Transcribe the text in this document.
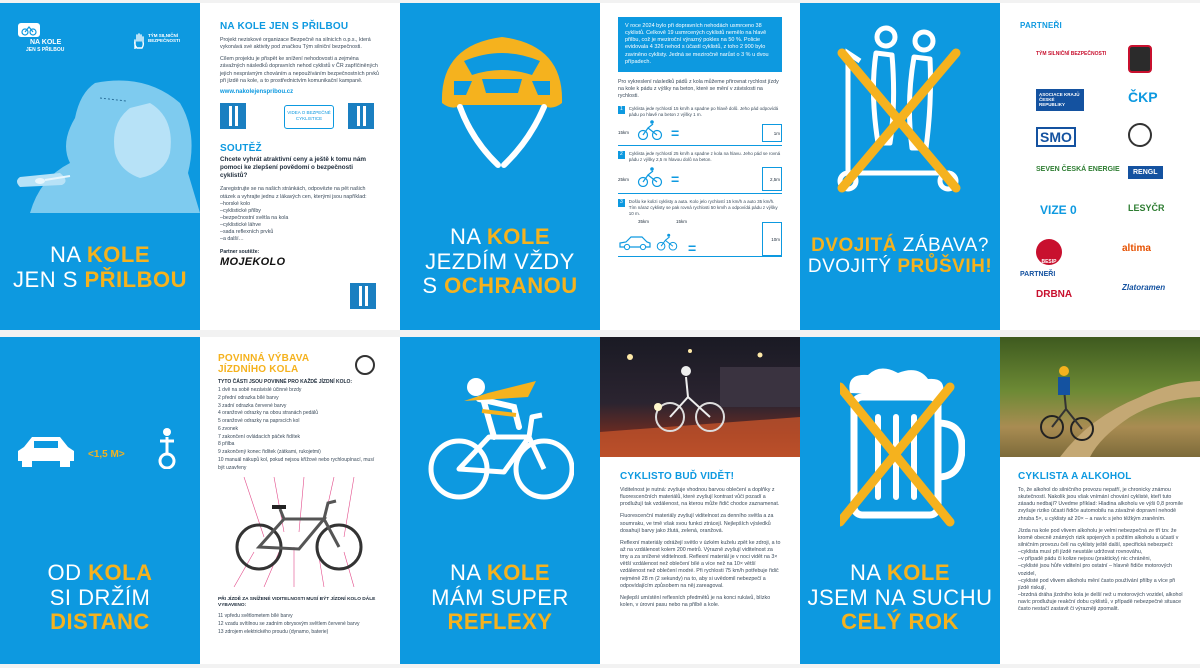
NA KOLE
JEN S PŘILBOU
TÝM SILNIČNÍ BEZPEČNOSTI
NA KOLE
JEN S PŘILBOU
NA KOLE JEN S PŘILBOU
Projekt neziskové organizace Bezpečně na silnicích o.p.s., která vykonává své aktivity pod značkou Tým silniční bezpečnosti.
Cílem projektu je přispět ke snížení nehodovosti a zejména závažných následků dopravních nehod cyklistů v ČR zapříčiněných jejich nesprávným chováním a nepoužíváním bezpečnostních prvků při jízdě na kole, a to prostřednictvím komunikační kampaně.
www.nakolejenspribou.cz
VIDEA O BEZPEČNÉ CYKLISTICE
SOUTĚŽ
Chcete vyhrát atraktivní ceny a ještě k tomu nám pomoci ke zlepšení povědomí o bezpečnosti cyklistů?
Zaregistrujte se na našich stránkách, odpovězte na pět našich otázek a vyhrajte jednu z lákavých cen, kterými jsou například:
–horské kolo
–cyklistické přilby
–bezpečnostní světla na kola
–cyklistické láhve
–sada reflexních prvků
–a další…
Partner soutěže:
MOJEKOLO
NA KOLE
JEZDÍM VŽDY
S OCHRANOU
V roce 2024 bylo při dopravních nehodách usmrceno 38 cyklistů. Celkově 19 usmrcených cyklistů nemělo na hlavě přilbu, což je meziroční výrazný pokles na 50 %. Policie evidovala 4 326 nehod s účastí cyklistů, z toho 2 900 bylo zaviněno cyklisty. Jedná se meziročně narůst o 3 % u dvou případech.
Pro vykreslení následků pádů z kola můžeme přirovnat rychlost jízdy na kole k pádu z výšky na beton, které se mění v závislosti na rychlosti.
1	Cyklista jede rychlostí 15 km/h a spadne po hlavě dolů. Jeho pád odpovídá pádu po hlavě na beton z výšky 1 m.
15km	=	1m
2	Cyklista jede rychlostí 25 km/h a spadne z kola na hlavu. Jeho pád se rovná pádu z výšky 2,5 m hlavou dolů na beton.
25km	=	2,5m
3	Došlo ke kolizi cyklisty a auta. Kolo jelo rychlostí 15 km/h a auto 35 km/h. Tím náraz cyklisty se pak rovná rychlosti 50 km/h a odpovídá pádu z výšky 10 m.
35km	15km
=
10m	DVOJITÁ ZÁBAVA?
DVOJITÝ PRŮŠVIH!
PARTNEŘI
TÝM SILNIČNÍ BEZPEČNOSTI
ASOCIACE KRAJŮ ČESKÉ REPUBLIKY	ČKP
SMO
SEVEN ČESKÁ ENERGIE	RENGL
VIZE 0	LESYČR
BESIP
altima
PARTNEŘI
DRBNA
Zlatoramen
<1,5 M>
OD KOLA
SI DRŽÍM
DISTANC
POVINNÁ VÝBAVA
JÍZDNÍHO KOLA
TYTO ČÁSTI JSOU POVINNÉ PRO KAŽDÉ JÍZDNÍ KOLO:
1 dvě na sobě nezávislé účinné brzdy
2 přední odrazka bílé barvy
3 zadní odrazka červené barvy
4 oranžové odrazky na obou stranách pedálů
5 oranžové odrazky na paprscích kol
6 zvonek
7 zakončení ovládacích páček řidítek
8 přilba
9 zakončený konec řidítek (zátkami, rukojetmi)
10 manuál nákupů kol, pokud nejsou křížové nebo rychloupínací, musí být uzavřeny
PŘI JÍZDĚ ZA SNÍŽENÉ VIDITELNOSTI MUSÍ BÝT JÍZDNÍ KOLO DÁLE VYBAVENO:
11 vpředu světlometem bílé barvy
12 vzadu svítilnou se zadním obrysovým světlem červené barvy
13 zdrojem elektrického proudu (dynamo, baterie)
NA KOLE
MÁM SUPER
REFLEXY
CYKLISTO BUĎ VIDĚT!
Viditelnost je nutná: zvyšuje vhodnou barvou oblečení a doplňky z fluorescenčních materiálů, které zvyšují kontrast vůči pozadí a prodlužují tak vzdálenost, na kterou může řidič chodce zaznamenat.
Fluorescenční materiály zvyšují viditelnost za denního světla a za soumraku, ve tmě však svou funkci ztrácejí. Nejlepších výsledků dosahují barvy jako žlutá, zelená, oranžová.
Reflexní materiály odrážejí světlo v úzkém kuželu zpět ke zdroji, a to až na vzdálenost kolem 200 metrů. Výrazně zvyšují viditelnost za tmy a za snížené viditelnosti. Reflexní materiál je v noci vidět na 3× větší vzdálenost než oblečení bílé a více než na 10× větší vzdálenost než oblečení modré. Při rychlosti 75 km/h potřebuje řidič nejméně 28 m (2 sekundy) na to, aby si uvědomil nebezpečí a odpovídajícím způsobem na něj zareagoval.
Nejlepší umístění reflexních předmětů je na konci rukávů, blízko kolen, v úrovni pasu nebo na přilbě a kole.
NA KOLE
JSEM NA SUCHU
CELÝ ROK
CYKLISTA A ALKOHOL
To, že alkohol do silničního provozu nepatří, je chronicky známou skutečností. Nakolik jsou však vnímání chování cyklisté, kteří tuto zásadu nedbají? Uvedme příklad: Hladina alkoholu ve výši 0,8 promile zvyšuje riziko účasti řidiče automobilu na závažné dopravní nehodě zhruba 5×, u cyklisty až 20× – a navíc s jeho těžkým zraněním.
Jízda na kole pod vlivem alkoholu je velmi nebezpečná ze tří tzv. že kromě obecně známých rizik spojených s požitím alkoholu a účastí v silničním provozu čelí na cyklisty ještě další, specifická nebezpečí:
–cyklista musí při jízdě neustále udržovat rovnováhu,
–v případě pádu či kolize nejsou (prakticky) nic chráněni,
–cyklisté jsou hůře viditelní pro ostatní – hlavně řidiče motorových vozidel,
–cyklisté pod vlivem alkoholu mění často používání přilby a více při jízdě riskují,
–brzdná dráha jízdního kola je delší než u motorových vozidel, alkohol navíc prodlužuje reakční dobu cyklistů, v případě nebezpečné situace často nestačí zastavit či výrazněji zpomalit.
